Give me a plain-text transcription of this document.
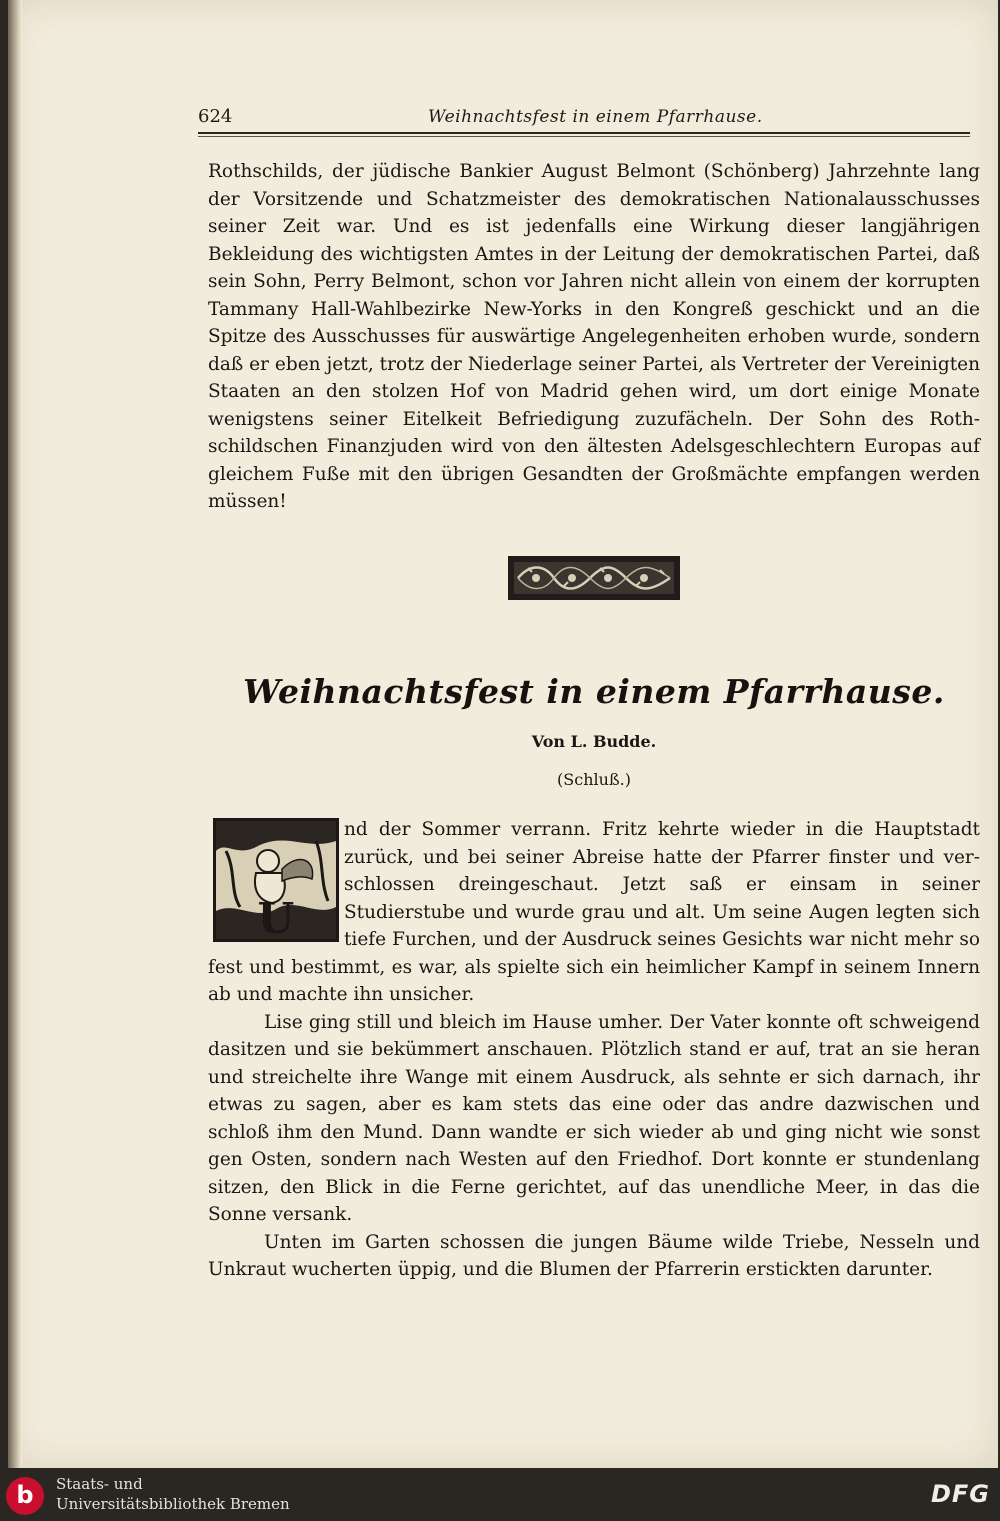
624	Weihnachtsfest in einem Pfarrhause.

Rothschilds, der jüdische Bankier August Belmont (Schönberg) Jahrzehnte lang der Vorsitzende und Schatzmeister des demokratischen Nationalausschusses seiner Zeit war. Und es ist jedenfalls eine Wirkung dieser langjährigen Bekleidung des wichtigsten Amtes in der Leitung der demokratischen Partei, daß sein Sohn, Perry Belmont, schon vor Jahren nicht allein von einem der korrupten Tammany Hall-Wahlbezirke New-Yorks in den Kongreß geschickt und an die Spitze des Ausschusses für auswärtige Angelegenheiten erhoben wurde, sondern daß er eben jetzt, trotz der Niederlage seiner Partei, als Vertreter der Vereinigten Staaten an den stolzen Hof von Madrid gehen wird, um dort einige Monate wenigstens seiner Eitelkeit Befriedigung zuzufächeln. Der Sohn des Roth-schildschen Finanzjuden wird von den ältesten Adelsgeschlechtern Europas auf gleichem Fuße mit den übrigen Gesandten der Großmächte empfangen werden müssen!

Weihnachtsfest in einem Pfarrhause.
Von L. Budde.
(Schluß.)

nd der Sommer verrann. Fritz kehrte wieder in die Hauptstadt zurück, und bei seiner Abreise hatte der Pfarrer finster und ver-schlossen dreingeschaut. Jetzt saß er einsam in seiner Studierstube und wurde grau und alt. Um seine Augen legten sich tiefe Furchen, und der Ausdruck seines Gesichts war nicht mehr so fest und bestimmt, es war, als spielte sich ein heimlicher Kampf in seinem Innern ab und machte ihn unsicher.

Lise ging still und bleich im Hause umher. Der Vater konnte oft schweigend dasitzen und sie bekümmert anschauen. Plötzlich stand er auf, trat an sie heran und streichelte ihre Wange mit einem Ausdruck, als sehnte er sich darnach, ihr etwas zu sagen, aber es kam stets das eine oder das andre dazwischen und schloß ihm den Mund. Dann wandte er sich wieder ab und ging nicht wie sonst gen Osten, sondern nach Westen auf den Friedhof. Dort konnte er stundenlang sitzen, den Blick in die Ferne gerichtet, auf das unendliche Meer, in das die Sonne versank.

Unten im Garten schossen die jungen Bäume wilde Triebe, Nesseln und Unkraut wucherten üppig, und die Blumen der Pfarrerin erstickten darunter.

U
b	Staats- und
Universitätsbibliothek Bremen	DFG
